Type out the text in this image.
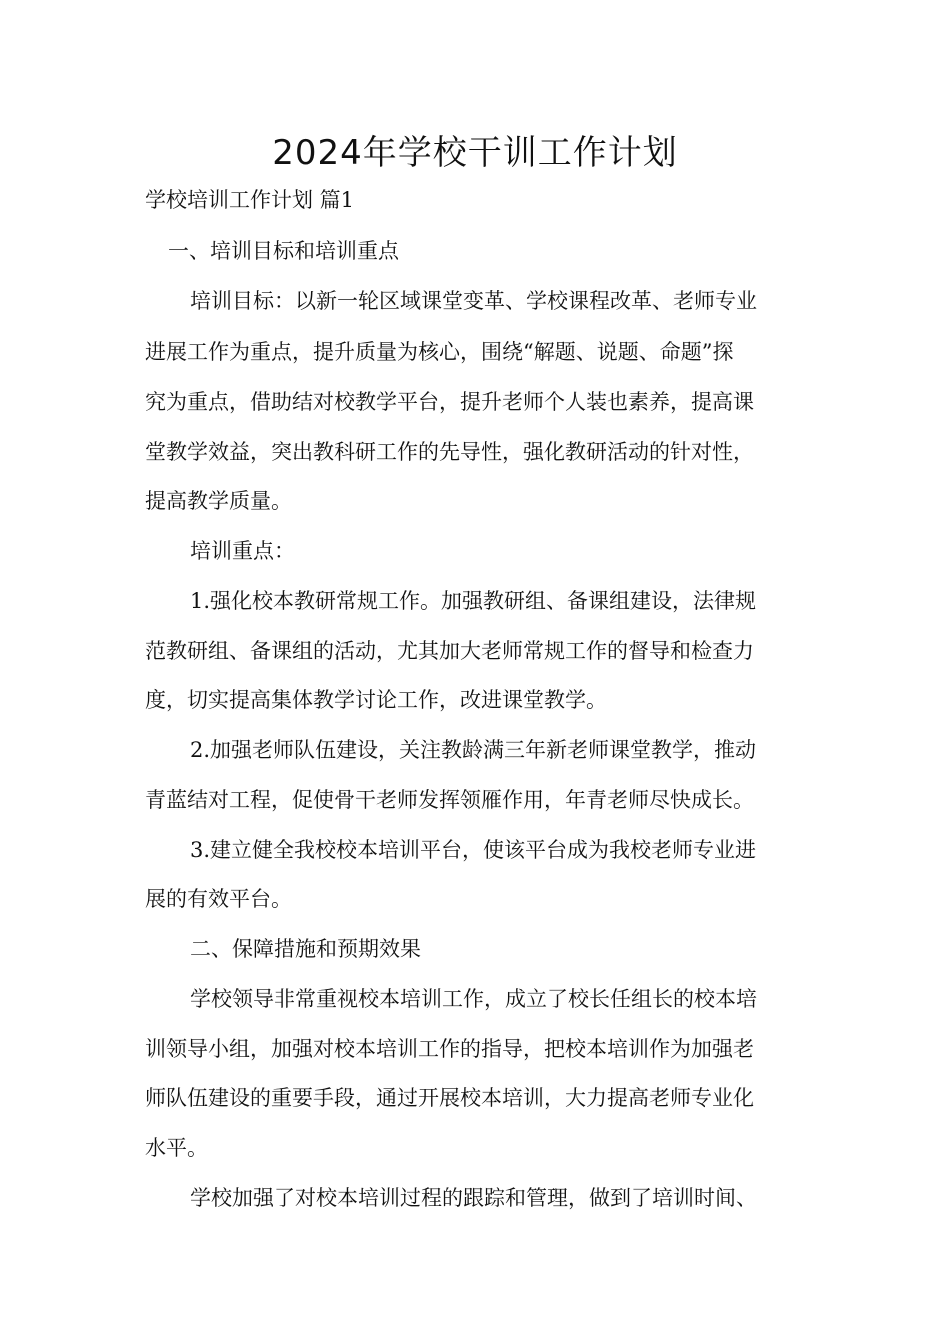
2024年学校干训工作计划

学校培训工作计划 篇1

一、培训目标和培训重点

培训目标：以新一轮区域课堂变革、学校课程改革、老师专业

进展工作为重点，提升质量为核心，围绕“解题、说题、命题”探

究为重点，借助结对校教学平台，提升老师个人装也素养，提高课

堂教学效益，突出教科研工作的先导性，强化教研活动的针对性，

提高教学质量。

培训重点：

1.强化校本教研常规工作。加强教研组、备课组建设，法律规

范教研组、备课组的活动，尤其加大老师常规工作的督导和检查力

度，切实提高集体教学讨论工作，改进课堂教学。

2.加强老师队伍建设，关注教龄满三年新老师课堂教学，推动

青蓝结对工程，促使骨干老师发挥领雁作用，年青老师尽快成长。

3.建立健全我校校本培训平台，使该平台成为我校老师专业进

展的有效平台。

二、保障措施和预期效果

学校领导非常重视校本培训工作，成立了校长任组长的校本培

训领导小组，加强对校本培训工作的指导，把校本培训作为加强老

师队伍建设的重要手段，通过开展校本培训，大力提高老师专业化

水平。

学校加强了对校本培训过程的跟踪和管理，做到了培训时间、
